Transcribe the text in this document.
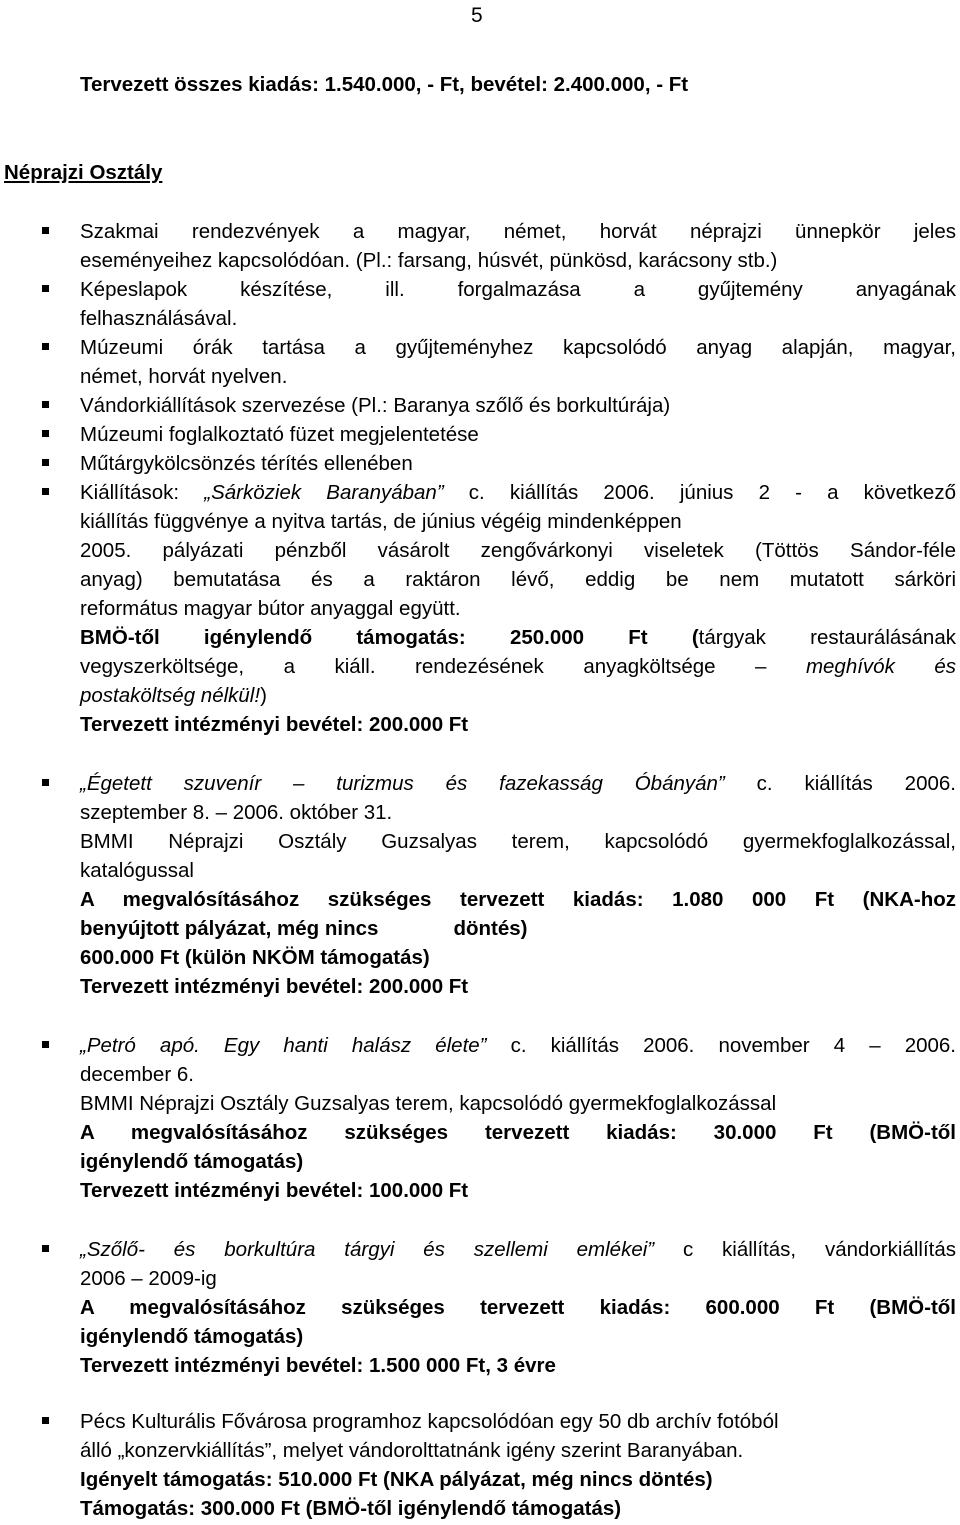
5
Tervezett összes kiadás: 1.540.000, - Ft, bevétel: 2.400.000, - Ft
Néprajzi Osztály
Szakmai rendezvények a magyar, német, horvát néprajzi ünnepkör jeles
eseményeihez kapcsolódóan. (Pl.: farsang, húsvét, pünkösd, karácsony stb.)
Képeslapok készítése, ill. forgalmazása a gyűjtemény anyagának
felhasználásával.
Múzeumi órák tartása a gyűjteményhez kapcsolódó anyag alapján, magyar,
német, horvát nyelven.
Vándorkiállítások szervezése (Pl.: Baranya szőlő és borkultúrája)
Múzeumi foglalkoztató füzet megjelentetése
Műtárgykölcsönzés térítés ellenében
Kiállítások: „Sárköziek Baranyában” c. kiállítás 2006. június 2 - a következő
kiállítás függvénye a nyitva tartás, de június végéig mindenképpen
2005. pályázati pénzből vásárolt zengővárkonyi viseletek (Töttös Sándor-féle
anyag) bemutatása és a raktáron lévő, eddig be nem mutatott sárköri
református magyar bútor anyaggal együtt.
BMÖ-től igénylendő támogatás: 250.000 Ft (tárgyak restaurálásának
vegyszerköltsége, a kiáll. rendezésének anyagköltsége – meghívók és
postaköltség nélkül!)
Tervezett intézményi bevétel: 200.000 Ft
„Égetett szuvenír – turizmus és fazekasság Óbányán” c. kiállítás 2006.
szeptember 8. – 2006. október 31.
BMMI Néprajzi Osztály Guzsalyas terem, kapcsolódó gyermekfoglalkozással,
katalógussal
A megvalósításához szükséges tervezett kiadás: 1.080 000 Ft (NKA-hoz
benyújtott pályázat, még nincs	döntés)
600.000 Ft (külön NKÖM támogatás)
Tervezett intézményi bevétel: 200.000 Ft
„Petró apó. Egy hanti halász élete” c. kiállítás 2006. november 4 – 2006.
december 6.
BMMI Néprajzi Osztály Guzsalyas terem, kapcsolódó gyermekfoglalkozással
A megvalósításához szükséges tervezett kiadás: 30.000 Ft (BMÖ-től
igénylendő támogatás)
Tervezett intézményi bevétel: 100.000 Ft
„Szőlő- és borkultúra tárgyi és szellemi emlékei” c kiállítás, vándorkiállítás
2006 – 2009-ig
A megvalósításához szükséges tervezett kiadás: 600.000 Ft (BMÖ-től
igénylendő támogatás)
Tervezett intézményi bevétel: 1.500 000 Ft, 3 évre
Pécs Kulturális Fővárosa programhoz kapcsolódóan egy 50 db archív fotóból
álló „konzervkiállítás”, melyet vándorolttatnánk igény szerint Baranyában.
Igényelt támogatás: 510.000 Ft (NKA pályázat, még nincs döntés)
Támogatás: 300.000 Ft (BMÖ-től igénylendő támogatás)
